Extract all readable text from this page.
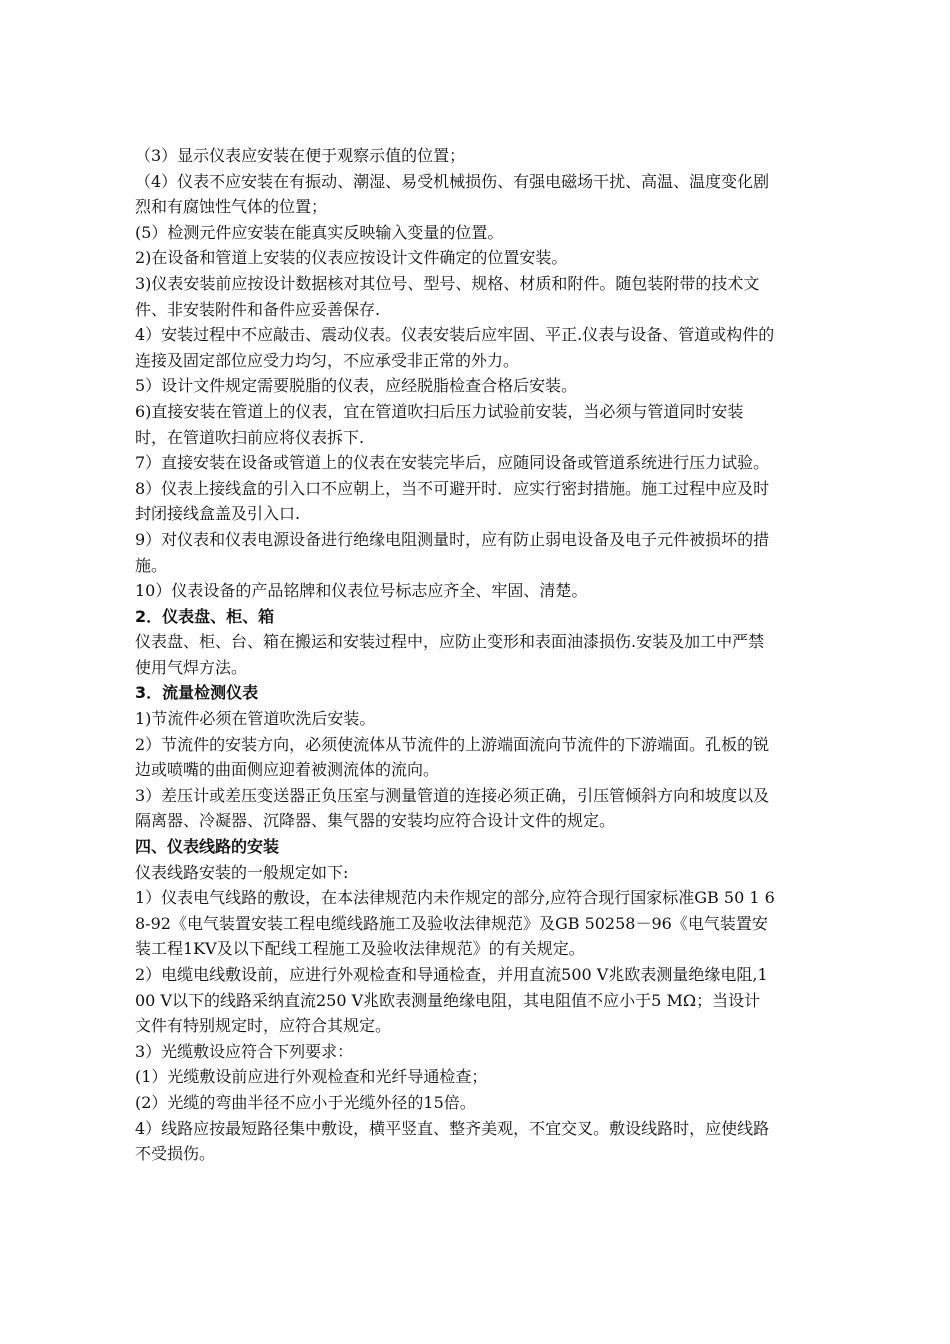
（3）显示仪表应安装在便于观察示值的位置；

（4）仪表不应安装在有振动、潮湿、易受机械损伤、有强电磁场干扰、高温、温度变化剧烈和有腐蚀性气体的位置；

(5）检测元件应安装在能真实反映输入变量的位置。

2)在设备和管道上安装的仪表应按设计文件确定的位置安装。

3)仪表安装前应按设计数据核对其位号、型号、规格、材质和附件。随包装附带的技术文件、非安装附件和备件应妥善保存.

4）安装过程中不应敲击、震动仪表。仪表安装后应牢固、平正.仪表与设备、管道或构件的连接及固定部位应受力均匀，不应承受非正常的外力。

5）设计文件规定需要脱脂的仪表，应经脱脂检查合格后安装。

6)直接安装在管道上的仪表，宜在管道吹扫后压力试验前安装，当必须与管道同时安装时，在管道吹扫前应将仪表拆下.

7）直接安装在设备或管道上的仪表在安装完毕后，应随同设备或管道系统进行压力试验。

8）仪表上接线盒的引入口不应朝上，当不可避开时．应实行密封措施。施工过程中应及时封闭接线盒盖及引入口.

9）对仪表和仪表电源设备进行绝缘电阻测量时，应有防止弱电设备及电子元件被损坏的措施。

10）仪表设备的产品铭牌和仪表位号标志应齐全、牢固、清楚。

2．仪表盘、柜、箱

仪表盘、柜、台、箱在搬运和安装过程中，应防止变形和表面油漆损伤.安装及加工中严禁使用气焊方法。

3．流量检测仪表

1)节流件必须在管道吹洗后安装。

2）节流件的安装方向，必须使流体从节流件的上游端面流向节流件的下游端面。孔板的锐边或喷嘴的曲面侧应迎着被测流体的流向。

3）差压计或差压变送器正负压室与测量管道的连接必须正确，引压管倾斜方向和坡度以及隔离器、冷凝器、沉降器、集气器的安装均应符合设计文件的规定。

四、仪表线路的安装

仪表线路安装的一般规定如下:

1）仪表电气线路的敷设，在本法律规范内未作规定的部分,应符合现行国家标准GB 50 1 68-92《电气装置安装工程电缆线路施工及验收法律规范》及GB 50258－96《电气装置安装工程1KV及以下配线工程施工及验收法律规范》的有关规定。

2）电缆电线敷设前，应进行外观检查和导通检查，并用直流500 V兆欧表测量绝缘电阻,100 V以下的线路采纳直流250 V兆欧表测量绝缘电阻，其电阻值不应小于5 MΩ；当设计文件有特别规定时，应符合其规定。

3）光缆敷设应符合下列要求：

(1）光缆敷设前应进行外观检查和光纤导通检查；

(2）光缆的弯曲半径不应小于光缆外径的15倍。

4）线路应按最短路径集中敷设，横平竖直、整齐美观，不宜交叉。敷设线路时，应使线路不受损伤。
